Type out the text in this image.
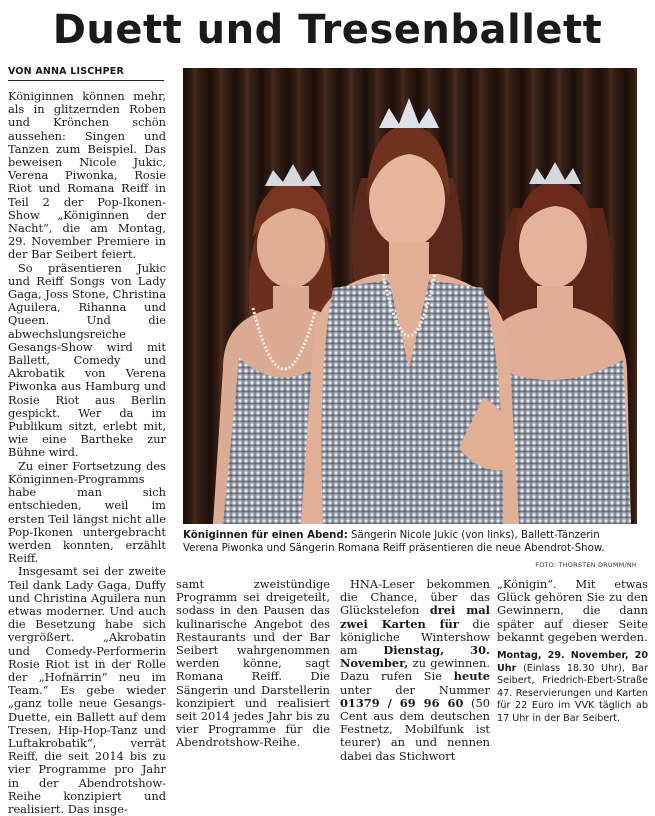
Duett und Tresenballett
VON ANNA LISCHPER

Königinnen können mehr, als in glitzernden Roben und Krönchen schön aussehen: Singen und Tanzen zum Beispiel. Das beweisen Nicole Jukic, Verena Piwonka, Rosie Riot und Romana Reiff in Teil 2 der Pop-Ikonen-Show „Königinnen der Nacht“, die am Montag, 29. November Premiere in der Bar Seibert feiert.

So präsentieren Jukic und Reiff Songs von Lady Gaga, Joss Stone, Christina Aguilera, Rihanna und Queen. Und die abwechslungsreiche Gesangs-Show wird mit Ballett, Comedy und Akrobatik von Verena Piwonka aus Hamburg und Rosie Riot aus Berlin gespickt. Wer da im Publikum sitzt, erlebt mit, wie eine Bartheke zur Bühne wird.

Zu einer Fortsetzung des Königinnen-Programms habe man sich entschieden, weil im ersten Teil längst nicht alle Pop-Ikonen untergebracht werden konnten, erzählt Reiff.

Insgesamt sei der zweite Teil dank Lady Gaga, Duffy und Christina Aguilera nun etwas moderner. Und auch die Besetzung habe sich vergrößert. „Akrobatin und Comedy-Performerin Rosie Riot ist in der Rolle der „Hofnärrin“ neu im Team.“ Es gebe wieder „ganz tolle neue Gesangs-Duette, ein Ballett auf dem Tresen, Hip-Hop-Tanz und Luftakrobatik“, verrät Reiff, die seit 2014 bis zu vier Programme pro Jahr in der Abendrotshow-Reihe konzipiert und realisiert. Das insge-

Königinnen für einen Abend: Sängerin Nicole Jukic (von links), Ballett-Tänzerin Verena Piwonka und Sängerin Romana Reiff präsentieren die neue Abendrot-Show.
FOTO: THORSTEN DRUMM/NH

samt zweistündige Programm sei dreigeteilt, sodass in den Pausen das kulinarische Angebot des Restaurants und der Bar Seibert wahrgenommen werden könne, sagt Romana Reiff. Die Sängerin und Darstellerin konzipiert und realisiert seit 2014 jedes Jahr bis zu vier Programme für die Abendrotshow-Reihe.

HNA-Leser bekommen die Chance, über das Glückstelefon drei mal zwei Karten für die königliche Wintershow am Dienstag, 30. November, zu gewinnen. Dazu rufen Sie heute unter der Nummer 01379 / 69 96 60 (50 Cent aus dem deutschen Festnetz, Mobilfunk ist teurer) an und nennen dabei das Stichwort

„Königin“. Mit etwas Glück gehören Sie zu den Gewinnern, die dann später auf dieser Seite bekannt gegeben werden.

Montag, 29. November, 20 Uhr (Einlass 18.30 Uhr), Bar Seibert, Friedrich-Ebert-Straße 47. Reservierungen und Karten für 22 Euro im VVK täglich ab 17 Uhr in der Bar Seibert.
